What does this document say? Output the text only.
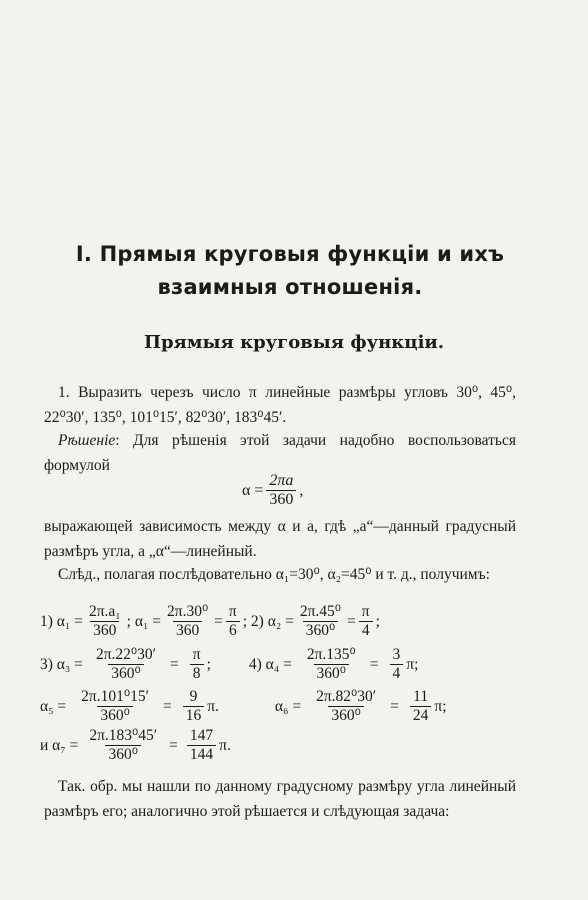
I. Прямыя круговыя функціи и ихъ взаимныя отношенія.
Прямыя круговыя функціи.
1. Выразить черезъ число π линейные размѣры угловъ 30⁰, 45⁰, 22⁰30′, 135⁰, 101⁰15′, 82⁰30′, 183⁰45′.
Рѣшеніе: Для рѣшенія этой задачи надобно воспользоваться формулой
$\alpha = \frac{2\pi a}{360}$ ,
выражающей зависимость между α и a, гдѣ „a“—данный градусный размѣръ угла, а „α“—линейный.
Слѣд., полагая послѣдовательно α₁=30⁰, α₂=45⁰ и т. д., получимъ:
1) $\alpha_1 = \frac{\text{2π.a₁}}{360}$ ; $\alpha_1 = \frac{\text{2π.30⁰}}{360} = \frac{\pi}{6}$ ; 2) $\alpha_2 = \frac{\text{2π.45⁰}}{\text{360⁰}} = \frac{\pi}{4}$ ;
3) $\alpha_3 = \frac{\text{2π.22⁰30′}}{\text{360⁰}} = \frac{\pi}{8}$ ; 4) $\alpha_4 = \frac{\text{2π.135⁰}}{\text{360⁰}} = \frac{3}{4} \pi$;
$\alpha_5 = \frac{\text{2π.101⁰15′}}{\text{360⁰}} = \frac{9}{16} \pi$.	$\alpha_6 = \frac{\text{2π.82⁰30′}}{\text{360⁰}} = \frac{11}{24} \pi$;
и $\alpha_7 = \frac{\text{2π.183⁰45′}}{\text{360⁰}} = \frac{147}{144} \pi$.
Так. обр. мы нашли по данному градусному размѣру угла линейный размѣръ его; аналогично этой рѣшается и слѣдующая задача:
